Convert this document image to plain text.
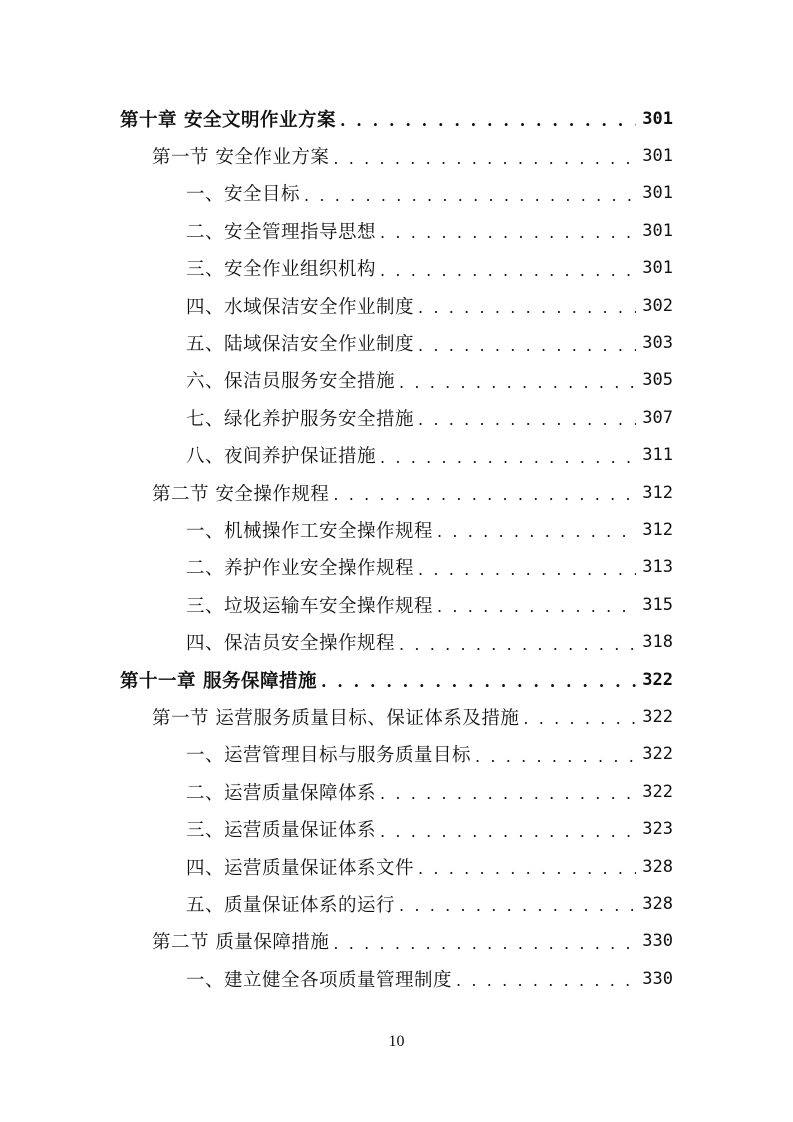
第十章 安全文明作业方案 . . .	301
第一节 安全作业方案 . . .	301
一、安全目标 . . .	301
二、安全管理指导思想 . . .	301
三、安全作业组织机构 . . .	301
四、水域保洁安全作业制度 . . .	302
五、陆域保洁安全作业制度 . . .	303
六、保洁员服务安全措施 . . .	305
七、绿化养护服务安全措施 . . .	307
八、夜间养护保证措施 . . .	311
第二节 安全操作规程 . . .	312
一、机械操作工安全操作规程 . . .	312
二、养护作业安全操作规程 . . .	313
三、垃圾运输车安全操作规程 . . .	315
四、保洁员安全操作规程 . . .	318
第十一章 服务保障措施 . . .	322
第一节 运营服务质量目标、保证体系及措施 . . .	322
一、运营管理目标与服务质量目标 . . .	322
二、运营质量保障体系 . . .	322
三、运营质量保证体系 . . .	323
四、运营质量保证体系文件 . . .	328
五、质量保证体系的运行 . . .	328
第二节 质量保障措施 . . .	330
一、建立健全各项质量管理制度 . . .	330
10
